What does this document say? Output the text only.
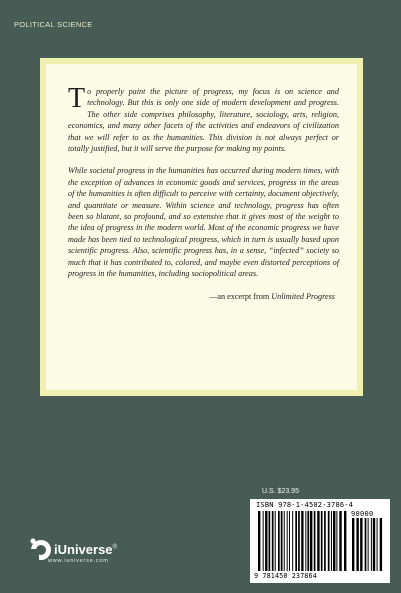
POLITICAL SCIENCE

To properly paint the picture of progress, my focus is on science and technology. But this is only one side of modern development and progress. The other side comprises philosophy, literature, sociology, arts, religion, economics, and many other facets of the activities and endeavors of civilization that we will refer to as the humanities. This division is not always perfect or totally justified, but it will serve the purpose for making my points.

While societal progress in the humanities has occurred during modern times, with the exception of advances in economic goods and services, progress in the areas of the humanities is often difficult to perceive with certainty, document objectively, and quantitate or measure. Within science and technology, progress has often been so blatant, so profound, and so extensive that it gives most of the weight to the idea of progress in the modern world. Most of the economic progress we have made has been tied to technological progress, which in turn is usually based upon scientific progress. Also, scientific progress has, in a sense, “infected” society so much that it has contributed to, colored, and maybe even distorted perceptions of progress in the humanities, including sociopolitical areas.

—an excerpt from Unlimited Progress
U.S. $23.95
ISBN 978-1-4502-3786-4
90000
9 781450 237864
iUniverse®
www.iuniverse.com
